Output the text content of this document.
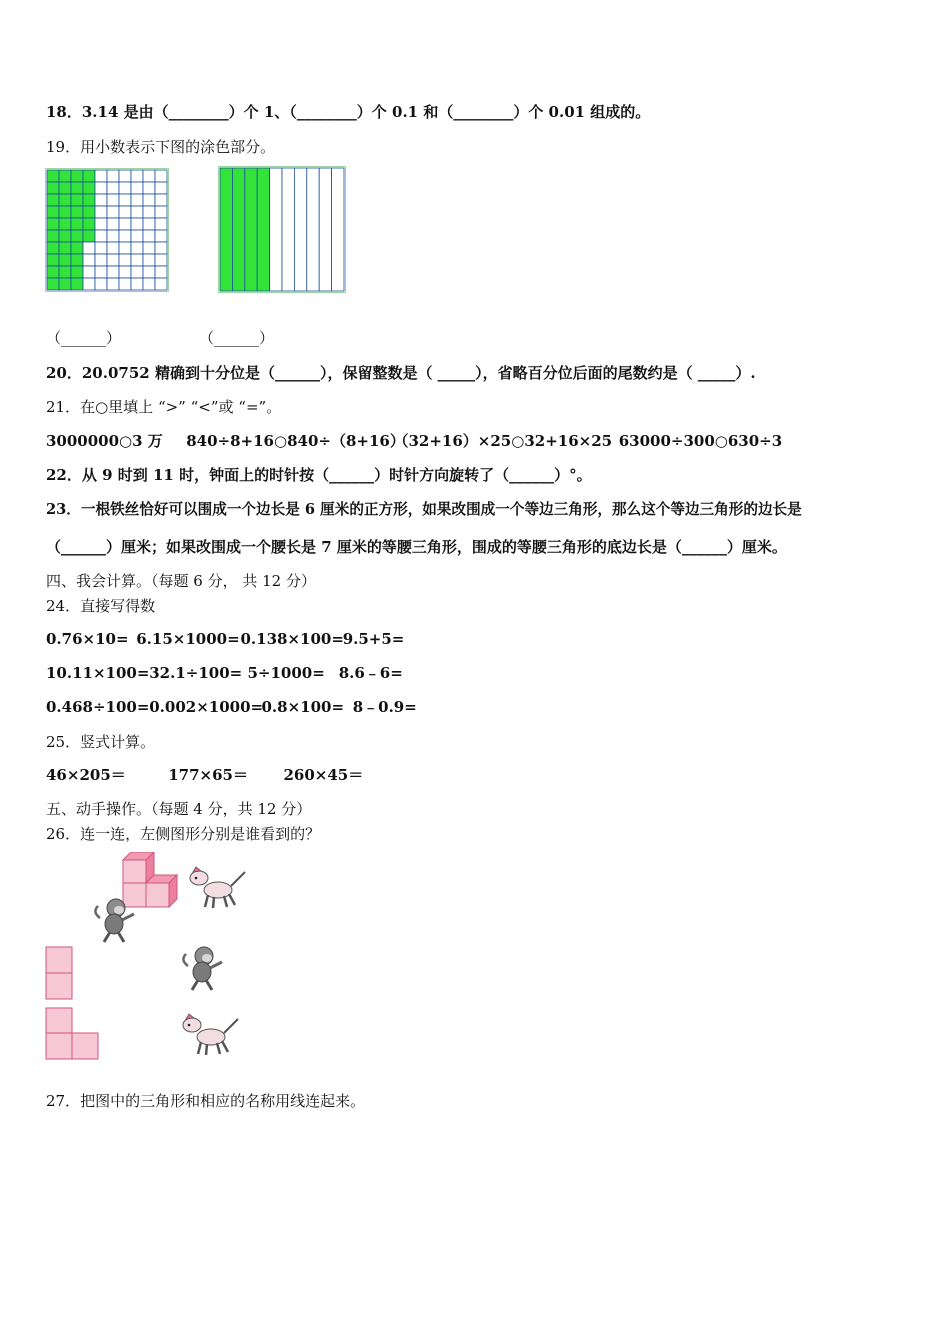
18．3.14 是由（________）个 1、（________）个 0.1 和（________）个 0.01 组成的。
19．用小数表示下图的涂色部分。
（______）	（______）
20．20.0752 精确到十分位是（______），保留整数是（ _____），省略百分位后面的尾数约是（ _____）.
21．在○里填上 “>” “<”或 “=”。
3000000○3 万 840÷8+16○840÷（8+16） （32+16）×25○32+16×25 63000÷300○630÷3
22．从 9 时到 11 时，钟面上的时针按（______）时针方向旋转了（______）°。
23．一根铁丝恰好可以围成一个边长是 6 厘米的正方形，如果改围成一个等边三角形，那么这个等边三角形的边长是
（______）厘米；如果改围成一个腰长是 7 厘米的等腰三角形，围成的等腰三角形的底边长是（______）厘米。
四、我会计算。（每题 6 分， 共 12 分）
24．直接写得数
0.76×10= 6.15×1000= 0.138×100= 9.5+5=
10.11×100= 32.1÷100= 5÷1000= 8.6﹣6=
0.468÷100= 0.002×1000= 0.8×100= 8﹣0.9=
25．竖式计算。
46×205＝	177×65＝ 260×45＝
五、动手操作。（每题 4 分，共 12 分）
26．连一连，左侧图形分别是谁看到的？
27．把图中的三角形和相应的名称用线连起来。
